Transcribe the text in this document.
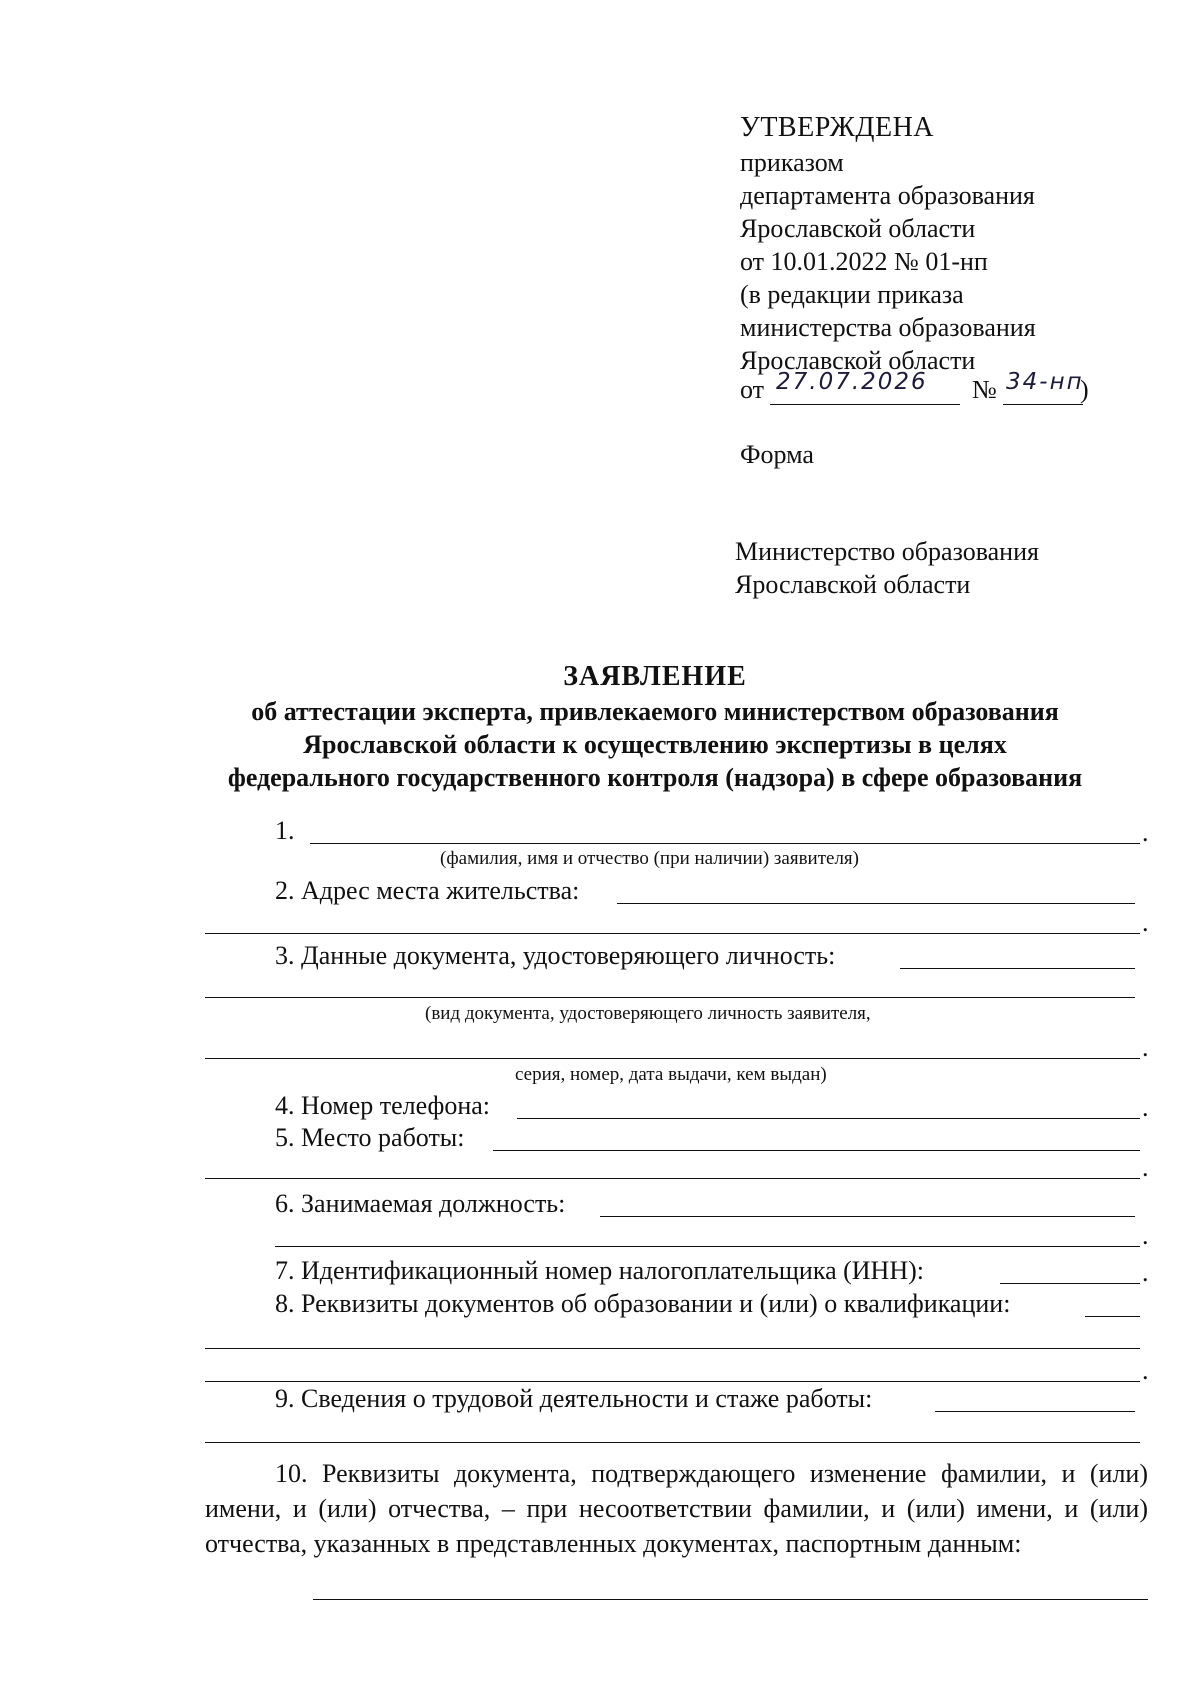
УТВЕРЖДЕНА
приказом
департамента образования
Ярославской области
от 10.01.2022 № 01-нп
(в редакции приказа
министерства образования
Ярославской области
от 27.07.2026 № 34-нп
)
Форма
Министерство образования
Ярославской области
ЗАЯВЛЕНИЕ
об аттестации эксперта, привлекаемого министерством образования
Ярославской области к осуществлению экспертизы в целях
федерального государственного контроля (надзора) в сфере образования
1.	.
(фамилия, имя и отчество (при наличии) заявителя)
2. Адрес места жительства:
.
3. Данные документа, удостоверяющего личность:
(вид документа, удостоверяющего личность заявителя,
.
серия, номер, дата выдачи, кем выдан)
4. Номер телефона:	.
5. Место работы:
.
6. Занимаемая должность:
.
7. Идентификационный номер налогоплательщика (ИНН):	.
8. Реквизиты документов об образовании и (или) о квалификации:
.
9. Сведения о трудовой деятельности и стаже работы:
10. Реквизиты документа, подтверждающего изменение фамилии, и (или) имени, и (или) отчества, – при несоответствии фамилии, и (или) имени, и (или) отчества, указанных в представленных документах, паспортным данным:
